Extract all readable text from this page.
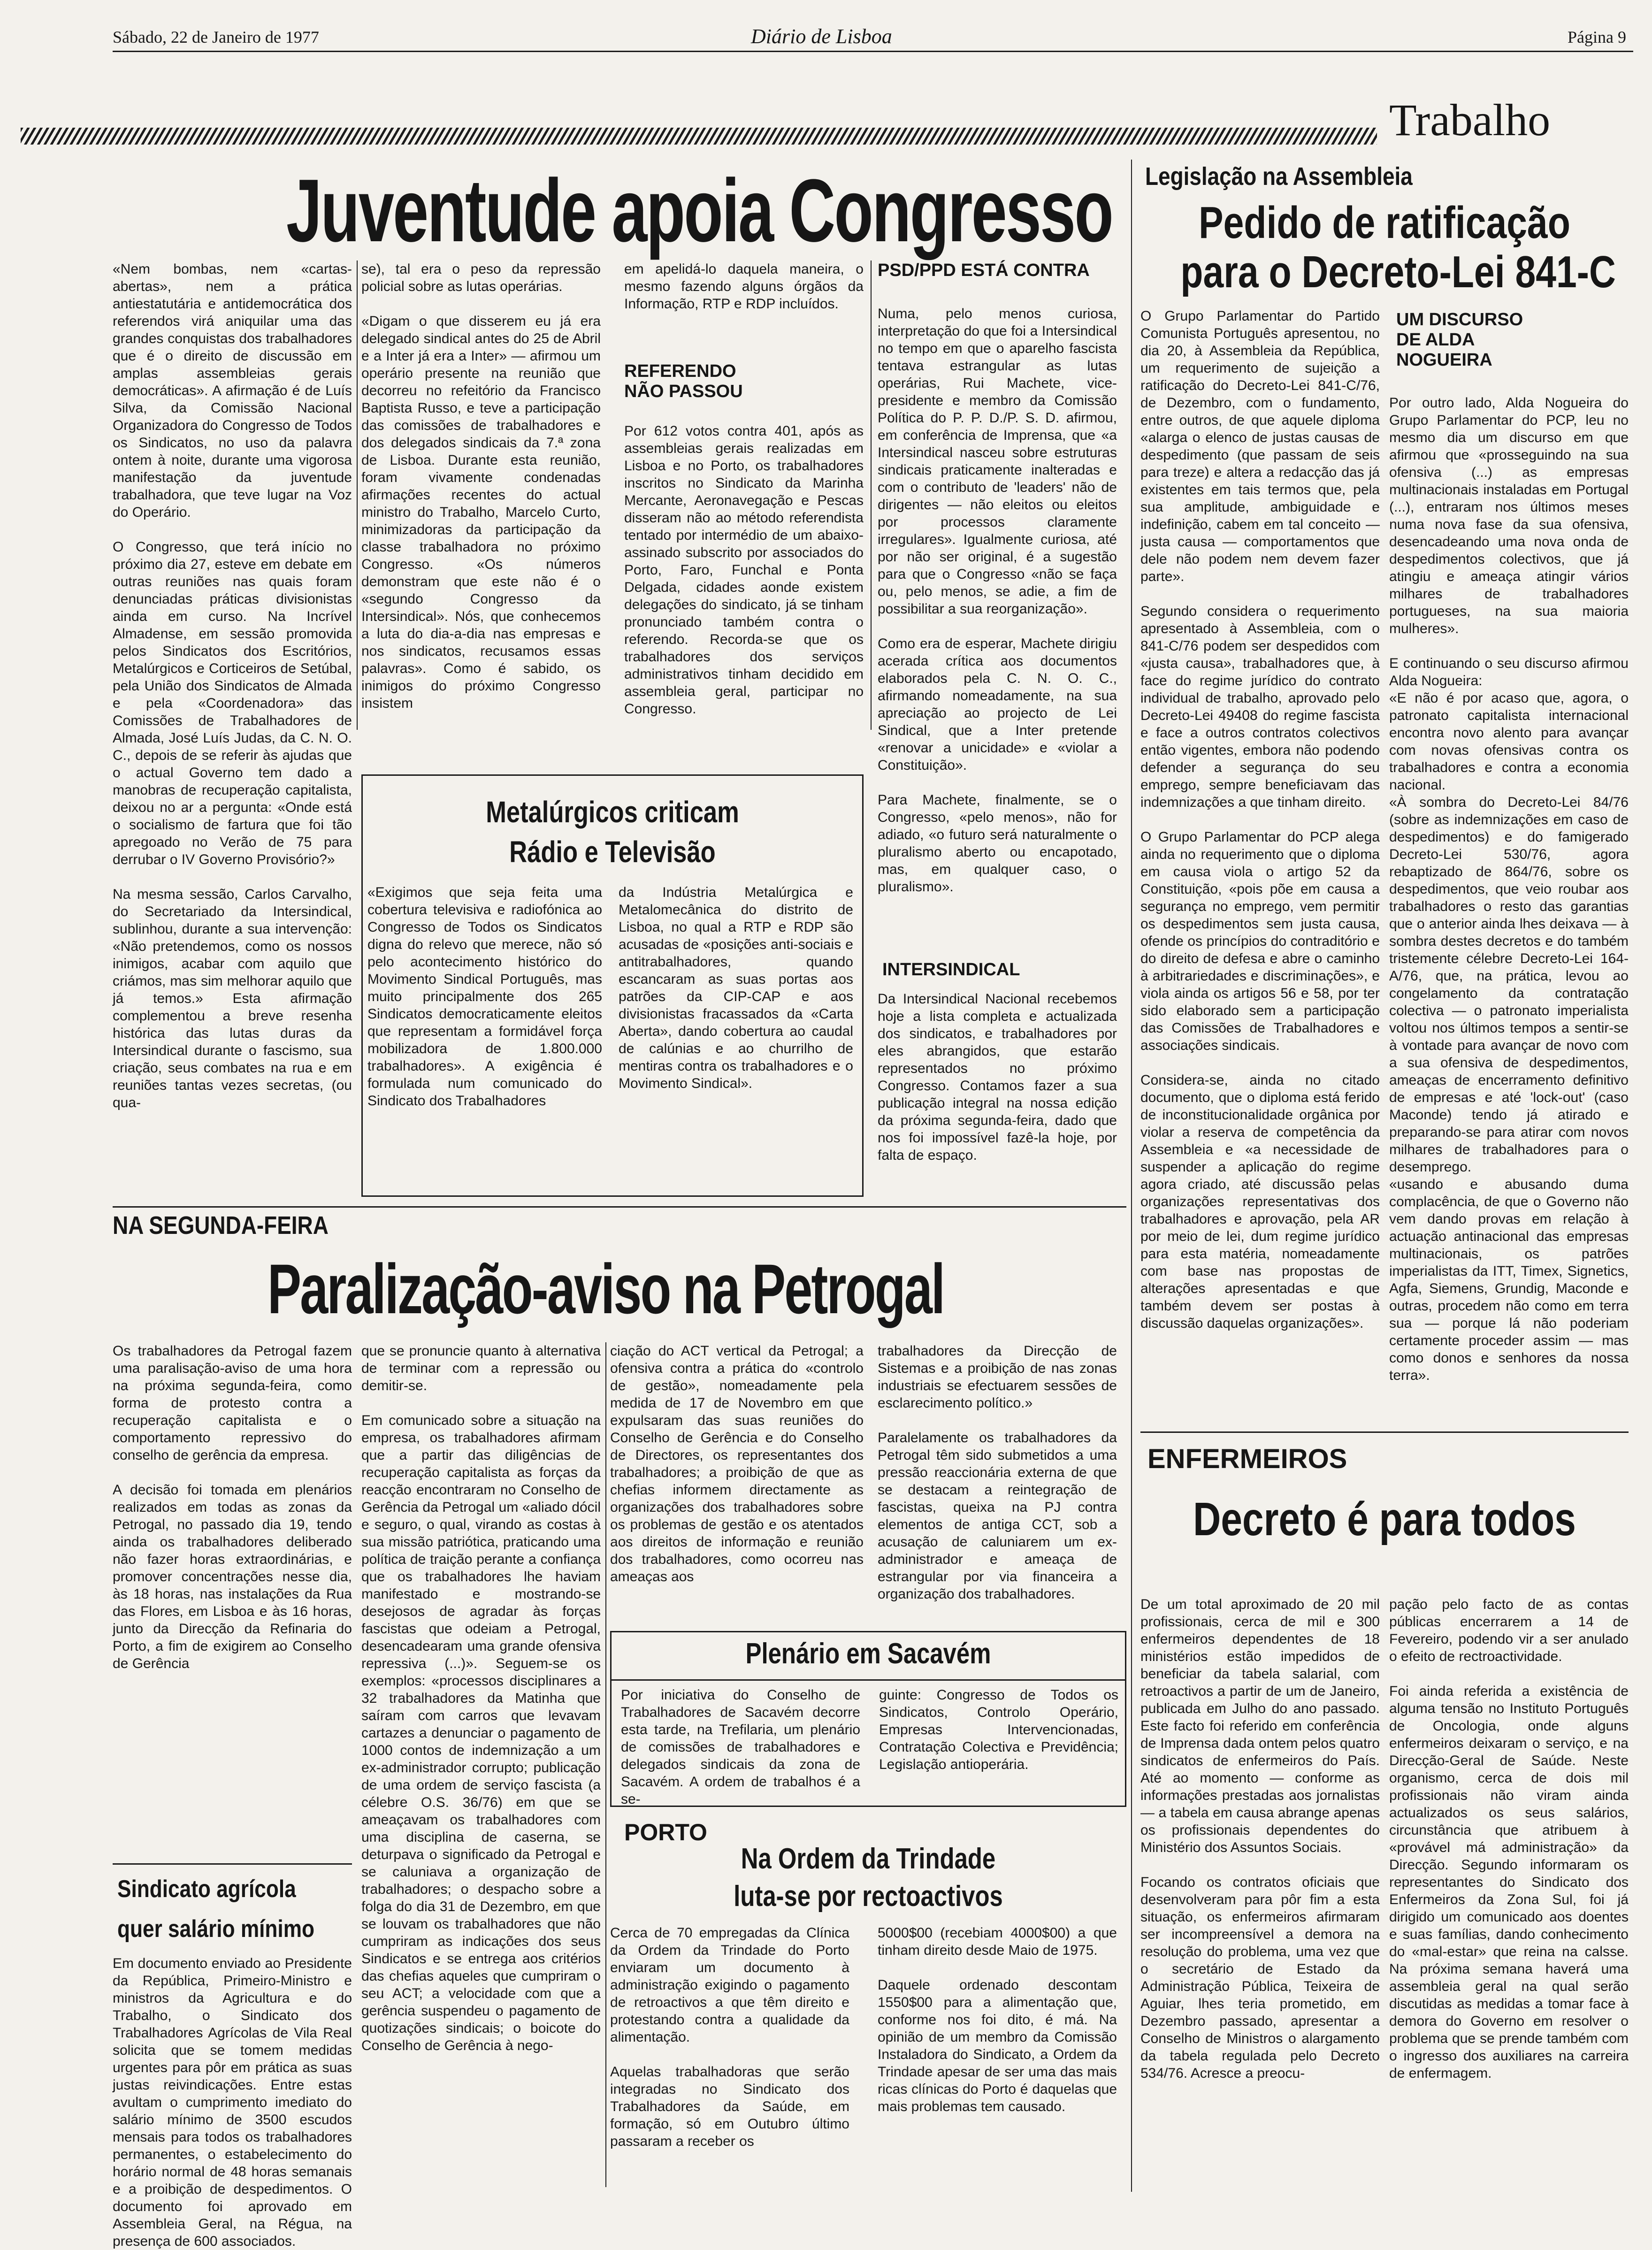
Sábado, 22 de Janeiro de 1977	Diário de Lisboa	Página 9
Trabalho
Juventude apoia Congresso
«Nem bombas, nem «cartas-abertas», nem a prática antiestatutária e antidemocrática dos referendos virá aniquilar uma das grandes conquistas dos trabalhadores que é o direito de discussão em amplas assembleias gerais democráticas». A afirmação é de Luís Silva, da Comissão Nacional Organizadora do Congresso de Todos os Sindicatos, no uso da palavra ontem à noite, durante uma vigorosa manifestação da juventude trabalhadora, que teve lugar na Voz do Operário.

O Congresso, que terá início no próximo dia 27, esteve em debate em outras reuniões nas quais foram denunciadas práticas divisionistas ainda em curso. Na Incrível Almadense, em sessão promovida pelos Sindicatos dos Escritórios, Metalúrgicos e Corticeiros de Setúbal, pela União dos Sindicatos de Almada e pela «Coordenadora» das Comissões de Trabalhadores de Almada, José Luís Judas, da C. N. O. C., depois de se referir às ajudas que o actual Governo tem dado a manobras de recuperação capitalista, deixou no ar a pergunta: «Onde está o socialismo de fartura que foi tão apregoado no Verão de 75 para derrubar o IV Governo Provisório?»

Na mesma sessão, Carlos Carvalho, do Secretariado da Intersindical, sublinhou, durante a sua intervenção: «Não pretendemos, como os nossos inimigos, acabar com aquilo que criámos, mas sim melhorar aquilo que já temos.» Esta afirmação complementou a breve resenha histórica das lutas duras da Intersindical durante o fascismo, sua criação, seus combates na rua e em reuniões tantas vezes secretas, (ou qua-
se), tal era o peso da repressão policial sobre as lutas operárias.

«Digam o que disserem eu já era delegado sindical antes do 25 de Abril e a Inter já era a Inter» — afirmou um operário presente na reunião que decorreu no refeitório da Francisco Baptista Russo, e teve a participação das comissões de trabalhadores e dos delegados sindicais da 7.ª zona de Lisboa. Durante esta reunião, foram vivamente condenadas afirmações recentes do actual ministro do Trabalho, Marcelo Curto, minimizadoras da participação da classe trabalhadora no próximo Congresso. «Os números demonstram que este não é o «segundo Congresso da Intersindical». Nós, que conhecemos a luta do dia-a-dia nas empresas e nos sindicatos, recusamos essas palavras». Como é sabido, os inimigos do próximo Congresso insistem
em apelidá-lo daquela maneira, o mesmo fazendo alguns órgãos da Informação, RTP e RDP incluídos.
REFERENDO NÃO PASSOU
Por 612 votos contra 401, após as assembleias gerais realizadas em Lisboa e no Porto, os trabalhadores inscritos no Sindicato da Marinha Mercante, Aeronavegação e Pescas disseram não ao método referendista tentado por intermédio de um abaixo-assinado subscrito por associados do Porto, Faro, Funchal e Ponta Delgada, cidades aonde existem delegações do sindicato, já se tinham pronunciado também contra o referendo. Recorda-se que os trabalhadores dos serviços administrativos tinham decidido em assembleia geral, participar no Congresso.
PSD/PPD ESTÁ CONTRA
Numa, pelo menos curiosa, interpretação do que foi a Intersindical no tempo em que o aparelho fascista tentava estrangular as lutas operárias, Rui Machete, vice-presidente e membro da Comissão Política do P. P. D./P. S. D. afirmou, em conferência de Imprensa, que «a Intersindical nasceu sobre estruturas sindicais praticamente inalteradas e com o contributo de 'leaders' não de dirigentes — não eleitos ou eleitos por processos claramente irregulares». Igualmente curiosa, até por não ser original, é a sugestão para que o Congresso «não se faça ou, pelo menos, se adie, a fim de possibilitar a sua reorganização».

Como era de esperar, Machete dirigiu acerada crítica aos documentos elaborados pela C. N. O. C., afirmando nomeadamente, na sua apreciação ao projecto de Lei Sindical, que a Inter pretende «renovar a unicidade» e «violar a Constituição».

Para Machete, finalmente, se o Congresso, «pelo menos», não for adiado, «o futuro será naturalmente o pluralismo aberto ou encapotado, mas, em qualquer caso, o pluralismo».
INTERSINDICAL
Da Intersindical Nacional recebemos hoje a lista completa e actualizada dos sindicatos, e trabalhadores por eles abrangidos, que estarão representados no próximo Congresso. Contamos fazer a sua publicação integral na nossa edição da próxima segunda-feira, dado que nos foi impossível fazê-la hoje, por falta de espaço.
Metalúrgicos criticam
Rádio e Televisão
«Exigimos que seja feita uma cobertura televisiva e radiofónica ao Congresso de Todos os Sindicatos digna do relevo que merece, não só pelo acontecimento histórico do Movimento Sindical Português, mas muito principalmente dos 265 Sindicatos democraticamente eleitos que representam a formidável força mobilizadora de 1.800.000 trabalhadores». A exigência é formulada num comunicado do Sindicato dos Trabalhadores
da Indústria Metalúrgica e Metalomecânica do distrito de Lisboa, no qual a RTP e RDP são acusadas de «posições anti-sociais e antitrabalhadores, quando escancaram as suas portas aos patrões da CIP-CAP e aos divisionistas fracassados da «Carta Aberta», dando cobertura ao caudal de calúnias e ao churrilho de mentiras contra os trabalhadores e o Movimento Sindical».
Legislação na Assembleia
Pedido de ratificação
para o Decreto-Lei 841-C
O Grupo Parlamentar do Partido Comunista Português apresentou, no dia 20, à Assembleia da República, um requerimento de sujeição a ratificação do Decreto-Lei 841-C/76, de Dezembro, com o fundamento, entre outros, de que aquele diploma «alarga o elenco de justas causas de despedimento (que passam de seis para treze) e altera a redacção das já existentes em tais termos que, pela sua amplitude, ambiguidade e indefinição, cabem em tal conceito — justa causa — comportamentos que dele não podem nem devem fazer parte».

Segundo considera o requerimento apresentado à Assembleia, com o 841-C/76 podem ser despedidos com «justa causa», trabalhadores que, à face do regime jurídico do contrato individual de trabalho, aprovado pelo Decreto-Lei 49408 do regime fascista e face a outros contratos colectivos então vigentes, embora não podendo defender a segurança do seu emprego, sempre beneficiavam das indemnizações a que tinham direito.

O Grupo Parlamentar do PCP alega ainda no requerimento que o diploma em causa viola o artigo 52 da Constituição, «pois põe em causa a segurança no emprego, vem permitir os despedimentos sem justa causa, ofende os princípios do contraditório e do direito de defesa e abre o caminho à arbitrariedades e discriminações», e viola ainda os artigos 56 e 58, por ter sido elaborado sem a participação das Comissões de Trabalhadores e associações sindicais.

Considera-se, ainda no citado documento, que o diploma está ferido de inconstitucionalidade orgânica por violar a reserva de competência da Assembleia e «a necessidade de suspender a aplicação do regime agora criado, até discussão pelas organizações representativas dos trabalhadores e aprovação, pela AR por meio de lei, dum regime jurídico para esta matéria, nomeadamente com base nas propostas de alterações apresentadas e que também devem ser postas à discussão daquelas organizações».
UM DISCURSO DE ALDA NOGUEIRA
Por outro lado, Alda Nogueira do Grupo Parlamentar do PCP, leu no mesmo dia um discurso em que afirmou que «prosseguindo na sua ofensiva (...) as empresas multinacionais instaladas em Portugal (...), entraram nos últimos meses numa nova fase da sua ofensiva, desencadeando uma nova onda de despedimentos colectivos, que já atingiu e ameaça atingir vários milhares de trabalhadores portugueses, na sua maioria mulheres».

E continuando o seu discurso afirmou Alda Nogueira:
«E não é por acaso que, agora, o patronato capitalista internacional encontra novo alento para avançar com novas ofensivas contra os trabalhadores e contra a economia nacional.
«À sombra do Decreto-Lei 84/76 (sobre as indemnizações em caso de despedimentos) e do famigerado Decreto-Lei 530/76, agora rebaptizado de 864/76, sobre os despedimentos, que veio roubar aos trabalhadores o resto das garantias que o anterior ainda lhes deixava — à sombra destes decretos e do também tristemente célebre Decreto-Lei 164-A/76, que, na prática, levou ao congelamento da contratação colectiva — o patronato imperialista voltou nos últimos tempos a sentir-se à vontade para avançar de novo com a sua ofensiva de despedimentos, ameaças de encerramento definitivo de empresas e até 'lock-out' (caso Maconde) tendo já atirado e preparando-se para atirar com novos milhares de trabalhadores para o desemprego.
«usando e abusando duma complacência, de que o Governo não vem dando provas em relação à actuação antinacional das empresas multinacionais, os patrões imperialistas da ITT, Timex, Signetics, Agfa, Siemens, Grundig, Maconde e outras, procedem não como em terra sua — porque lá não poderiam certamente proceder assim — mas como donos e senhores da nossa terra».
NA SEGUNDA-FEIRA
Paralização-aviso na Petrogal
Os trabalhadores da Petrogal fazem uma paralisação-aviso de uma hora na próxima segunda-feira, como forma de protesto contra a recuperação capitalista e o comportamento repressivo do conselho de gerência da empresa.

A decisão foi tomada em plenários realizados em todas as zonas da Petrogal, no passado dia 19, tendo ainda os trabalhadores deliberado não fazer horas extraordinárias, e promover concentrações nesse dia, às 18 horas, nas instalações da Rua das Flores, em Lisboa e às 16 horas, junto da Direcção da Refinaria do Porto, a fim de exigirem ao Conselho de Gerência
que se pronuncie quanto à alternativa de terminar com a repressão ou demitir-se.

Em comunicado sobre a situação na empresa, os trabalhadores afirmam que a partir das diligências de recuperação capitalista as forças da reacção encontraram no Conselho de Gerência da Petrogal um «aliado dócil e seguro, o qual, virando as costas à sua missão patriótica, praticando uma política de traição perante a confiança que os trabalhadores lhe haviam manifestado e mostrando-se desejosos de agradar às forças fascistas que odeiam a Petrogal, desencadearam uma grande ofensiva repressiva (...)». Seguem-se os exemplos: «processos disciplinares a 32 trabalhadores da Matinha que saíram com carros que levavam cartazes a denunciar o pagamento de 1000 contos de indemnização a um ex-administrador corrupto; publicação de uma ordem de serviço fascista (a célebre O.S. 36/76) em que se ameaçavam os trabalhadores com uma disciplina de caserna, se deturpava o significado da Petrogal e se caluniava a organização de trabalhadores; o despacho sobre a folga do dia 31 de Dezembro, em que se louvam os trabalhadores que não cumpriram as indicações dos seus Sindicatos e se entrega aos critérios das chefias aqueles que cumpriram o seu ACT; a velocidade com que a gerência suspendeu o pagamento de quotizações sindicais; o boicote do Conselho de Gerência à nego-
ciação do ACT vertical da Petrogal; a ofensiva contra a prática do «controlo de gestão», nomeadamente pela medida de 17 de Novembro em que expulsaram das suas reuniões do Conselho de Gerência e do Conselho de Directores, os representantes dos trabalhadores; a proibição de que as chefias informem directamente as organizações dos trabalhadores sobre os problemas de gestão e os atentados aos direitos de informação e reunião dos trabalhadores, como ocorreu nas ameaças aos
trabalhadores da Direcção de Sistemas e a proibição de nas zonas industriais se efectuarem sessões de esclarecimento político.»

Paralelamente os trabalhadores da Petrogal têm sido submetidos a uma pressão reaccionária externa de que se destacam a reintegração de fascistas, queixa na PJ contra elementos de antiga CCT, sob a acusação de caluniarem um ex-administrador e ameaça de estrangular por via financeira a organização dos trabalhadores.
Sindicato agrícola
quer salário mínimo
Em documento enviado ao Presidente da República, Primeiro-Ministro e ministros da Agricultura e do Trabalho, o Sindicato dos Trabalhadores Agrícolas de Vila Real solicita que se tomem medidas urgentes para pôr em prática as suas justas reivindicações. Entre estas avultam o cumprimento imediato do salário mínimo de 3500 escudos mensais para todos os trabalhadores permanentes, o estabelecimento do horário normal de 48 horas semanais e a proibição de despedimentos. O documento foi aprovado em Assembleia Geral, na Régua, na presença de 600 associados.
Plenário em Sacavém
Por iniciativa do Conselho de Trabalhadores de Sacavém decorre esta tarde, na Trefilaria, um plenário de comissões de trabalhadores e delegados sindicais da zona de Sacavém. A ordem de trabalhos é a se-
guinte: Congresso de Todos os Sindicatos, Controlo Operário, Empresas Intervencionadas, Contratação Colectiva e Previdência; Legislação antioperária.
PORTO
Na Ordem da Trindade
luta-se por rectoactivos
Cerca de 70 empregadas da Clínica da Ordem da Trindade do Porto enviaram um documento à administração exigindo o pagamento de retroactivos a que têm direito e protestando contra a qualidade da alimentação.

Aquelas trabalhadoras que serão integradas no Sindicato dos Trabalhadores da Saúde, em formação, só em Outubro último passaram a receber os
5000$00 (recebiam 4000$00) a que tinham direito desde Maio de 1975.

Daquele ordenado descontam 1550$00 para a alimentação que, conforme nos foi dito, é má. Na opinião de um membro da Comissão Instaladora do Sindicato, a Ordem da Trindade apesar de ser uma das mais ricas clínicas do Porto é daquelas que mais problemas tem causado.
ENFERMEIROS
Decreto é para todos
De um total aproximado de 20 mil profissionais, cerca de mil e 300 enfermeiros dependentes de 18 ministérios estão impedidos de beneficiar da tabela salarial, com retroactivos a partir de um de Janeiro, publicada em Julho do ano passado. Este facto foi referido em conferência de Imprensa dada ontem pelos quatro sindicatos de enfermeiros do País. Até ao momento — conforme as informações prestadas aos jornalistas — a tabela em causa abrange apenas os profissionais dependentes do Ministério dos Assuntos Sociais.

Focando os contratos oficiais que desenvolveram para pôr fim a esta situação, os enfermeiros afirmaram ser incompreensível a demora na resolução do problema, uma vez que o secretário de Estado da Administração Pública, Teixeira de Aguiar, lhes teria prometido, em Dezembro passado, apresentar a Conselho de Ministros o alargamento da tabela regulada pelo Decreto 534/76. Acresce a preocu-
pação pelo facto de as contas públicas encerrarem a 14 de Fevereiro, podendo vir a ser anulado o efeito de rectroactividade.

Foi ainda referida a existência de alguma tensão no Instituto Português de Oncologia, onde alguns enfermeiros deixaram o serviço, e na Direcção-Geral de Saúde. Neste organismo, cerca de dois mil profissionais não viram ainda actualizados os seus salários, circunstância que atribuem à «provável má administração» da Direcção. Segundo informaram os representantes do Sindicato dos Enfermeiros da Zona Sul, foi já dirigido um comunicado aos doentes e suas famílias, dando conhecimento do «mal-estar» que reina na calsse. Na próxima semana haverá uma assembleia geral na qual serão discutidas as medidas a tomar face à demora do Governo em resolver o problema que se prende também com o ingresso dos auxiliares na carreira de enfermagem.
